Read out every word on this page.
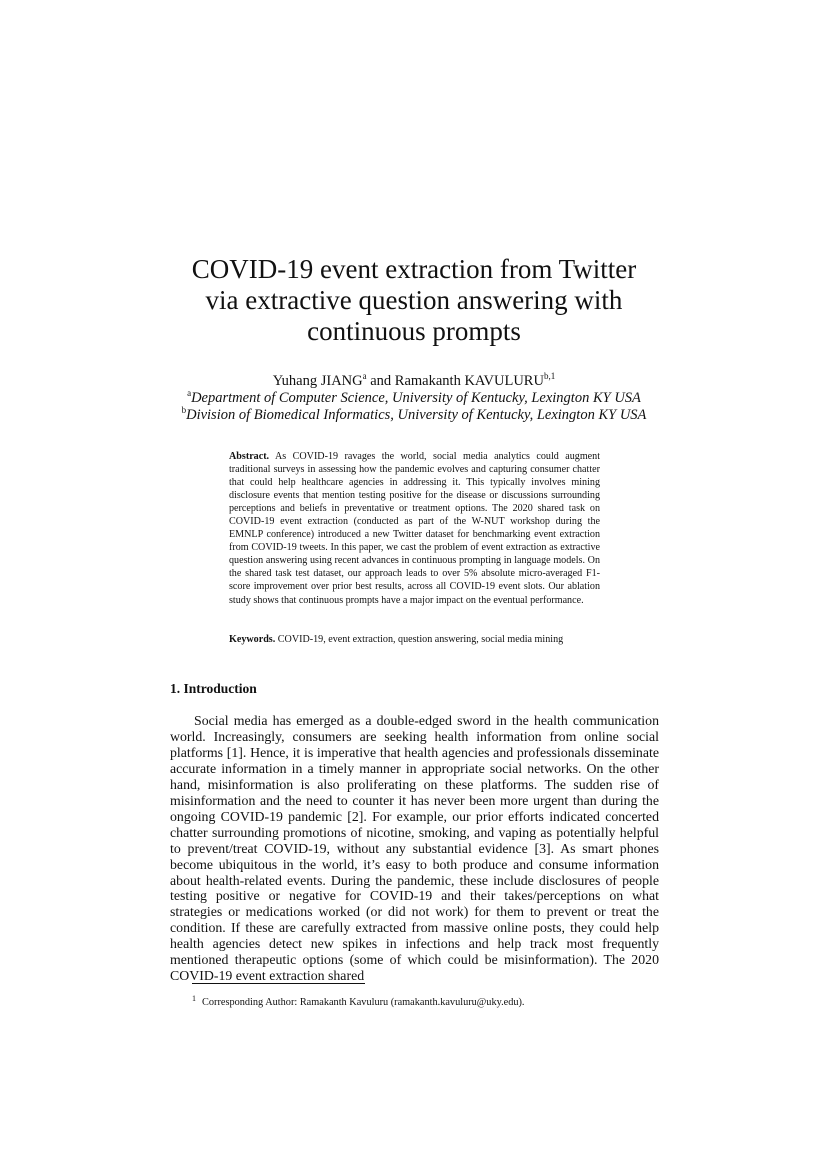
COVID-19 event extraction from Twitter
via extractive question answering with
continuous prompts
Yuhang JIANG$^a$ and Ramakanth KAVULURU$^{b,1}$
$^a$Department of Computer Science, University of Kentucky, Lexington KY USA
$^b$Division of Biomedical Informatics, University of Kentucky, Lexington KY USA
Abstract. As COVID-19 ravages the world, social media analytics could augment traditional surveys in assessing how the pandemic evolves and capturing consumer chatter that could help healthcare agencies in addressing it. This typically involves mining disclosure events that mention testing positive for the disease or discussions surrounding perceptions and beliefs in preventative or treatment options. The 2020 shared task on COVID-19 event extraction (conducted as part of the W-NUT workshop during the EMNLP conference) introduced a new Twitter dataset for benchmarking event extraction from COVID-19 tweets. In this paper, we cast the problem of event extraction as extractive question answering using recent advances in continuous prompting in language models. On the shared task test dataset, our approach leads to over 5% absolute micro-averaged F1-score improvement over prior best results, across all COVID-19 event slots. Our ablation study shows that continuous prompts have a major impact on the eventual performance.
Keywords. COVID-19, event extraction, question answering, social media mining
1. Introduction
Social media has emerged as a double-edged sword in the health communication world. Increasingly, consumers are seeking health information from online social platforms [1]. Hence, it is imperative that health agencies and professionals disseminate accurate information in a timely manner in appropriate social networks. On the other hand, misinformation is also proliferating on these platforms. The sudden rise of misinformation and the need to counter it has never been more urgent than during the ongoing COVID-19 pandemic [2]. For example, our prior efforts indicated concerted chatter surrounding promotions of nicotine, smoking, and vaping as potentially helpful to prevent/treat COVID-19, without any substantial evidence [3]. As smart phones become ubiquitous in the world, it’s easy to both produce and consume information about health-related events. During the pandemic, these include disclosures of people testing positive or negative for COVID-19 and their takes/perceptions on what strategies or medications worked (or did not work) for them to prevent or treat the condition. If these are carefully extracted from massive online posts, they could help health agencies detect new spikes in infections and help track most frequently mentioned therapeutic options (some of which could be misinformation). The 2020 COVID-19 event extraction shared
$^1$ Corresponding Author: Ramakanth Kavuluru (ramakanth.kavuluru@uky.edu).
